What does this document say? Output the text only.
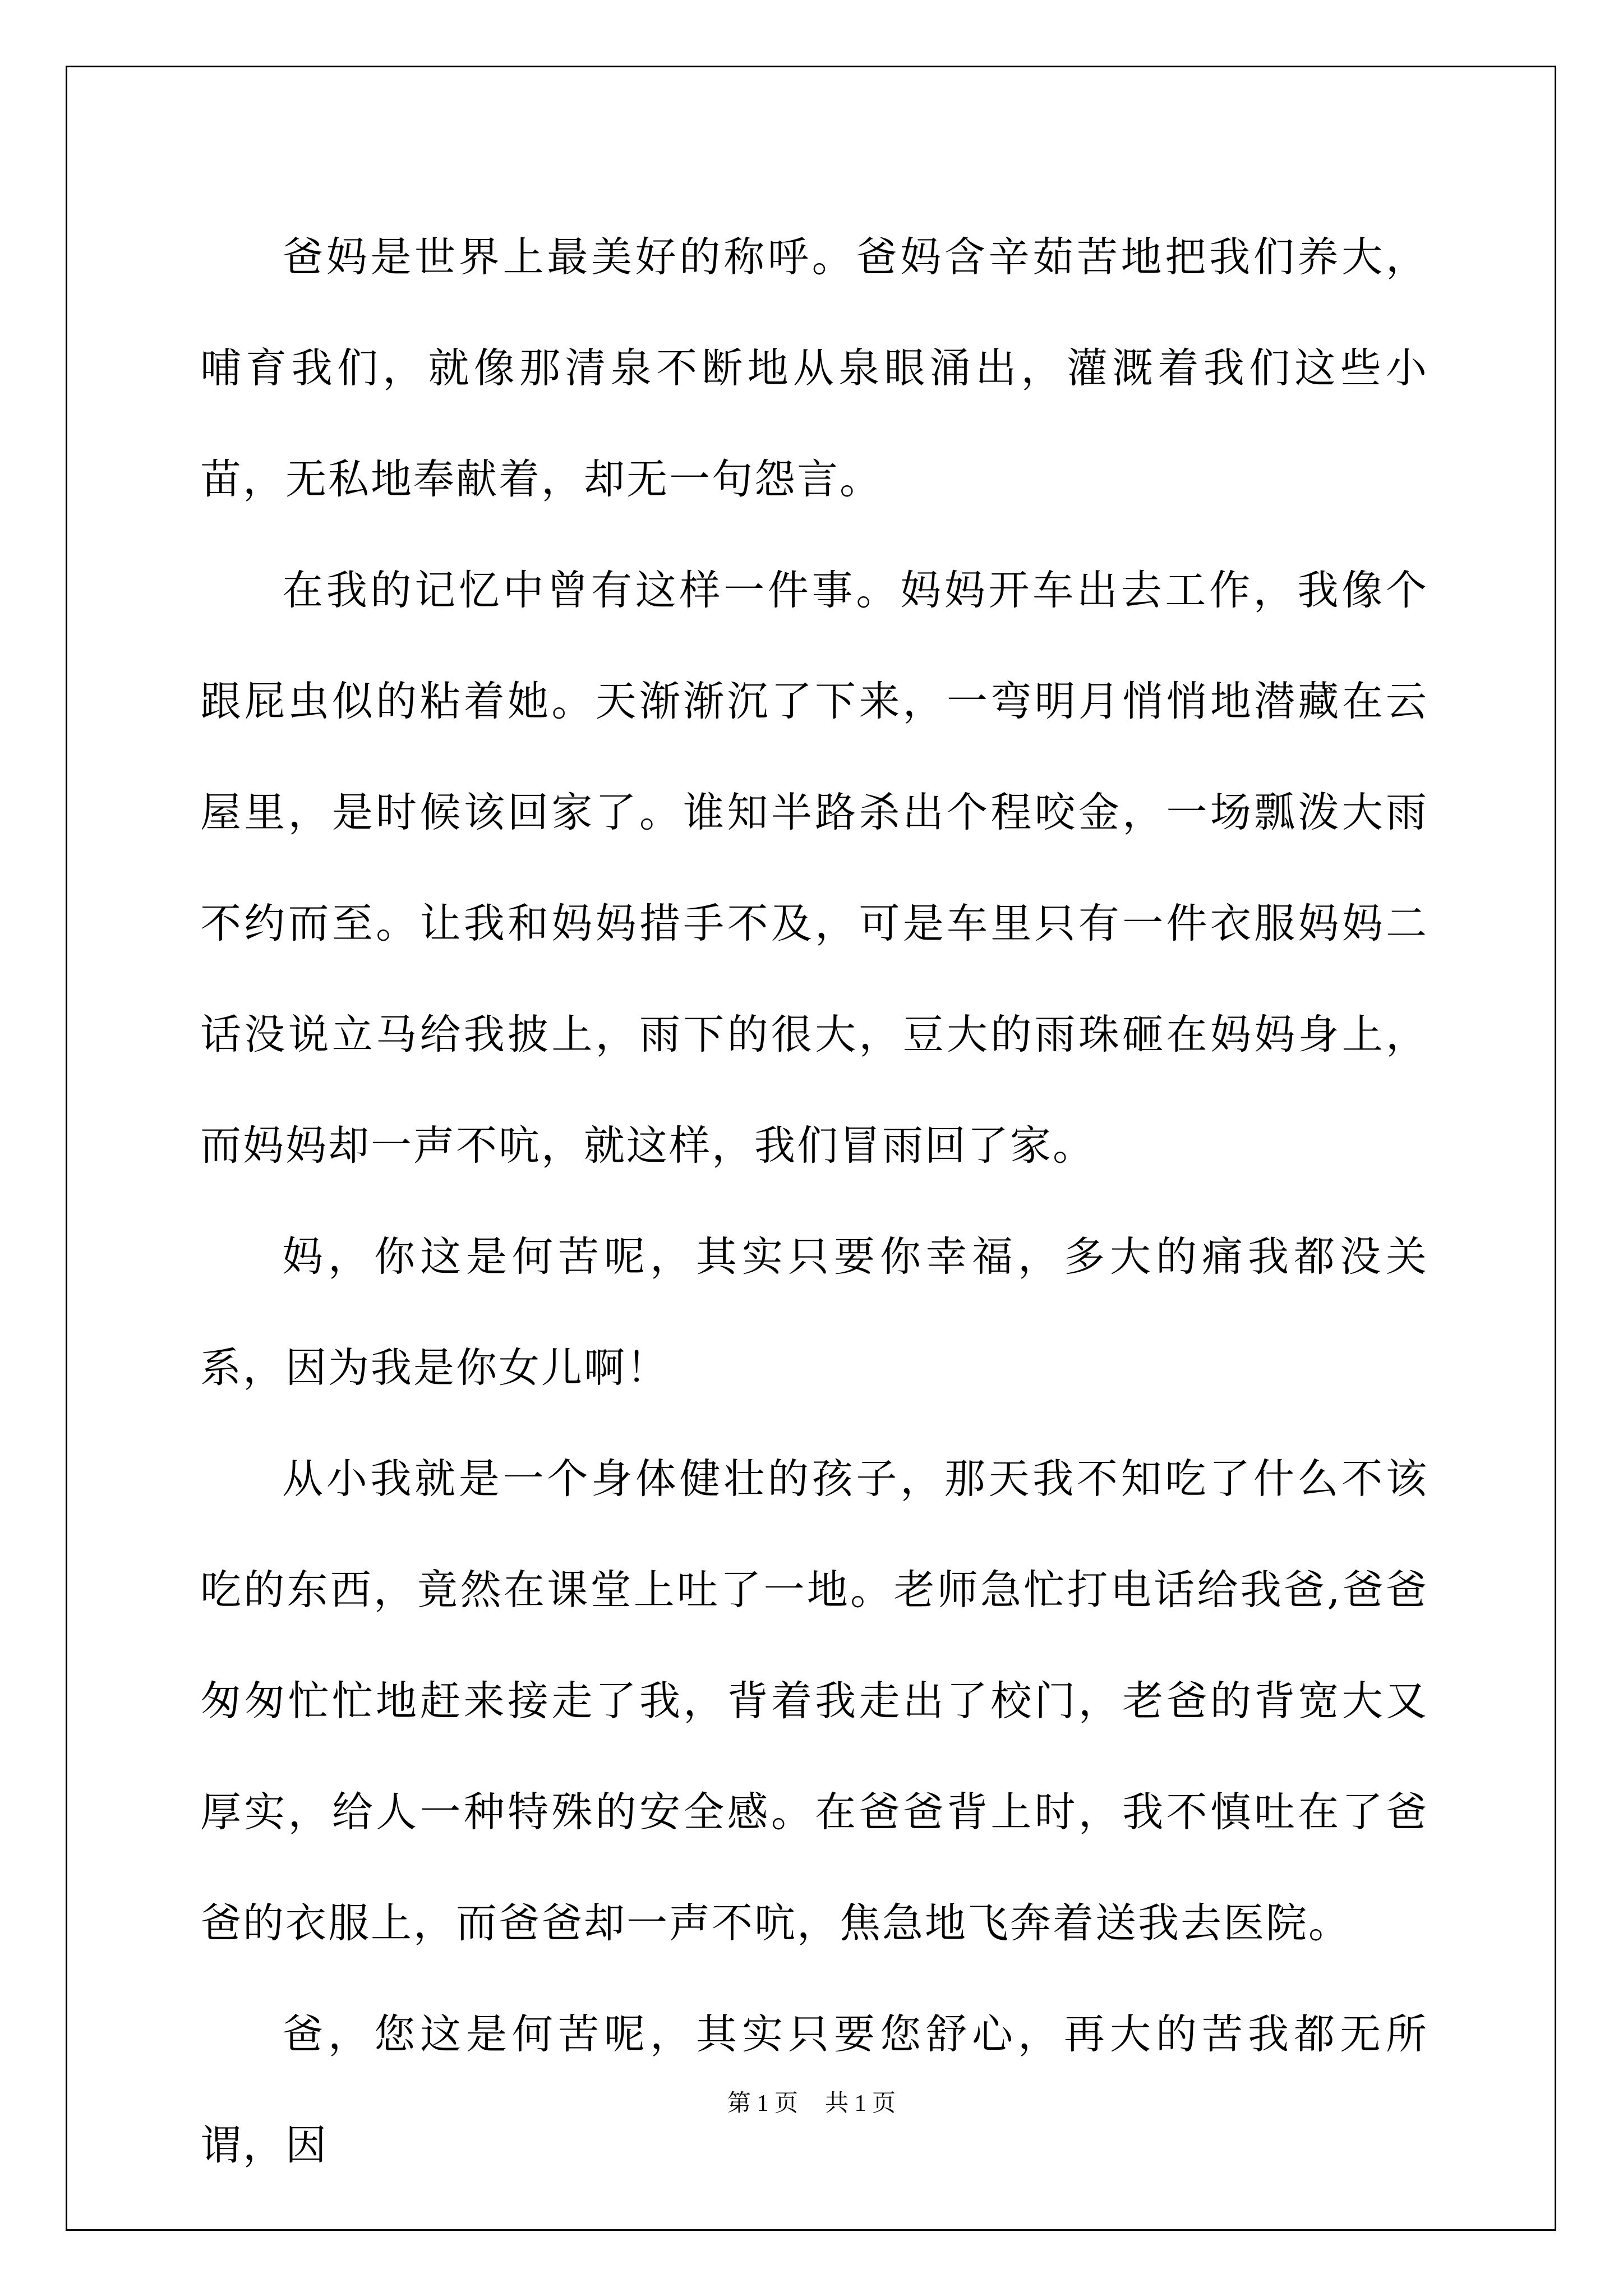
爸妈是世界上最美好的称呼。爸妈含辛茹苦地把我们养大，哺育我们，就像那清泉不断地从泉眼涌出，灌溉着我们这些小苗，无私地奉献着，却无一句怨言。

在我的记忆中曾有这样一件事。妈妈开车出去工作，我像个跟屁虫似的粘着她。天渐渐沉了下来，一弯明月悄悄地潜藏在云屋里，是时候该回家了。谁知半路杀出个程咬金，一场瓢泼大雨不约而至。让我和妈妈措手不及，可是车里只有一件衣服妈妈二话没说立马给我披上，雨下的很大，豆大的雨珠砸在妈妈身上，而妈妈却一声不吭，就这样，我们冒雨回了家。

妈，你这是何苦呢，其实只要你幸福，多大的痛我都没关系，因为我是你女儿啊！

从小我就是一个身体健壮的孩子，那天我不知吃了什么不该吃的东西，竟然在课堂上吐了一地。老师急忙打电话给我爸,爸爸匆匆忙忙地赶来接走了我，背着我走出了校门，老爸的背宽大又厚实，给人一种特殊的安全感。在爸爸背上时，我不慎吐在了爸爸的衣服上，而爸爸却一声不吭，焦急地飞奔着送我去医院。

爸，您这是何苦呢，其实只要您舒心，再大的苦我都无所谓，因

第 1 页 共 1 页
